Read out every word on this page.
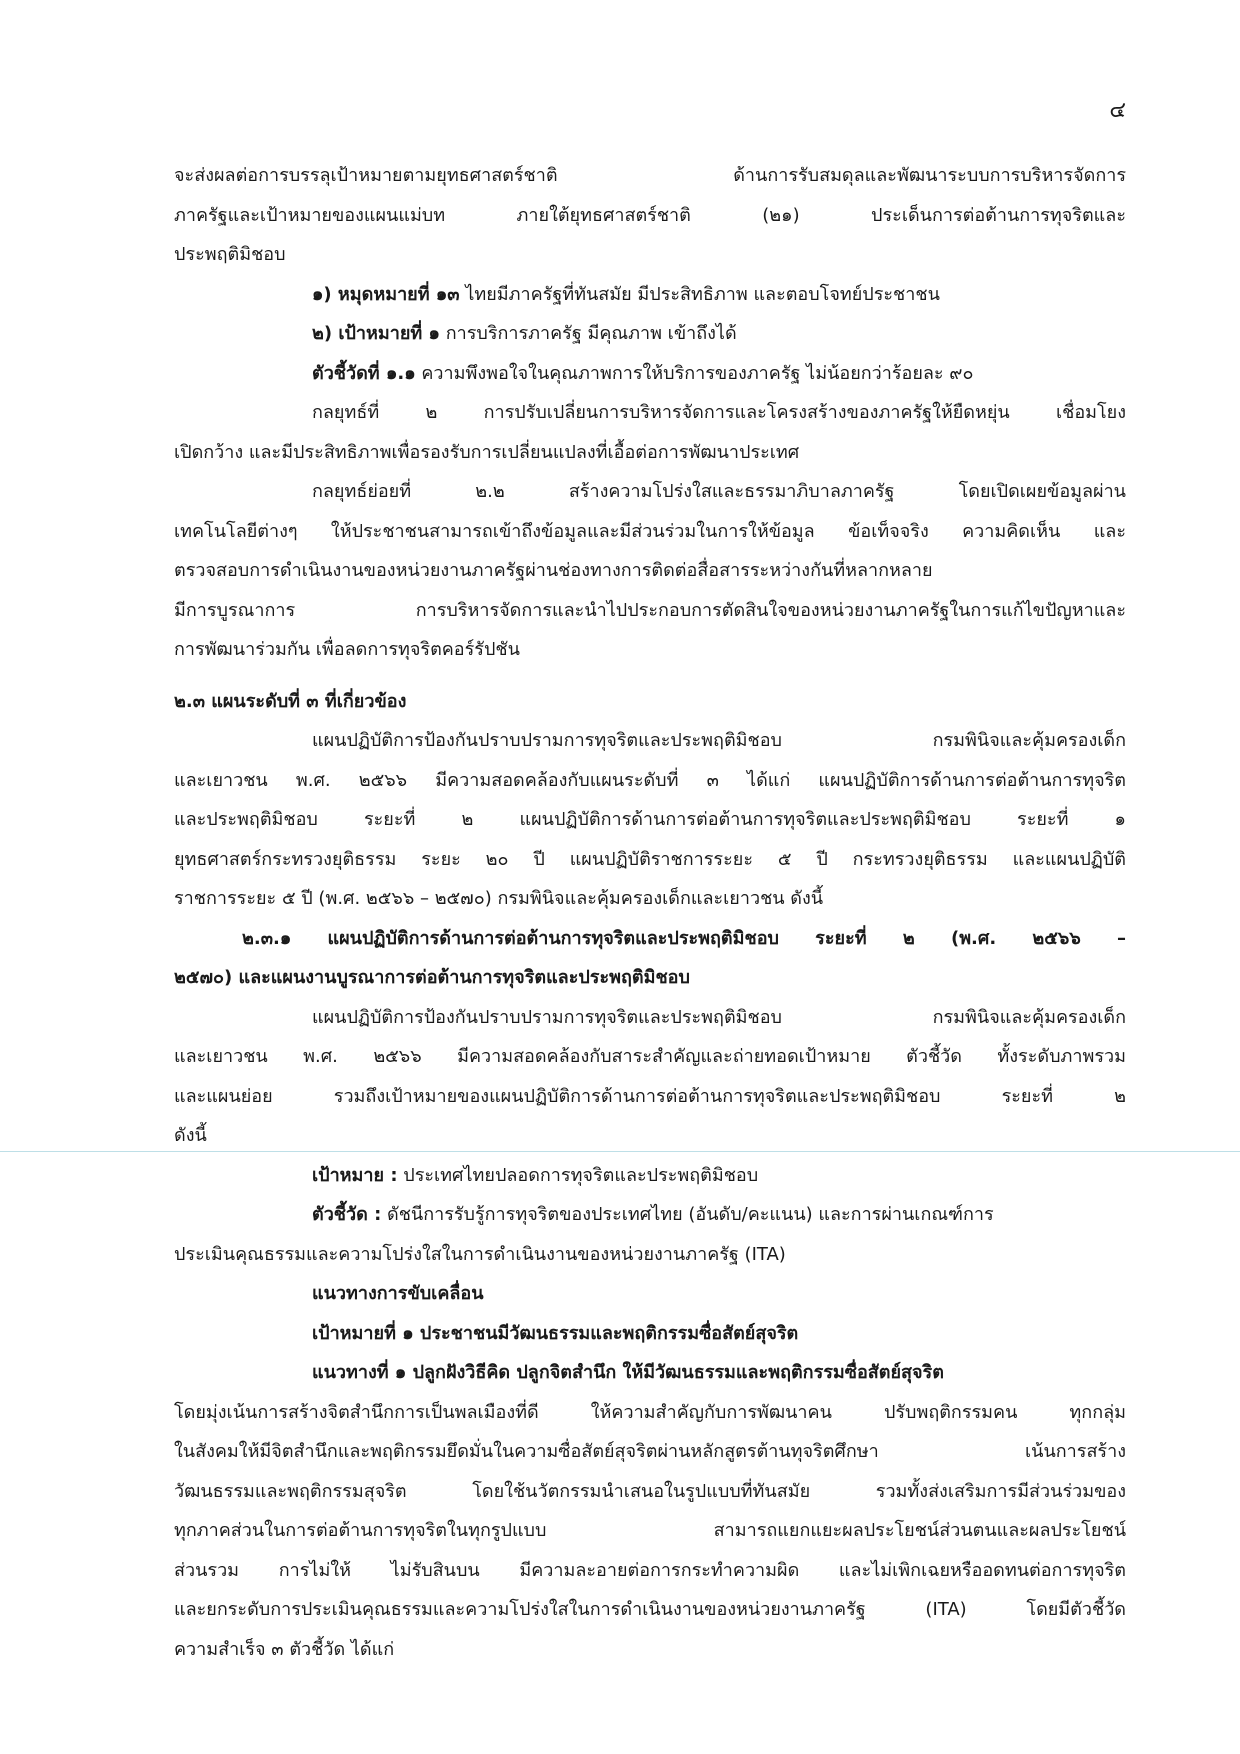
๔
จะส่งผลต่อการบรรลุเป้าหมายตามยุทธศาสตร์ชาติ ด้านการรับสมดุลและพัฒนาระบบการบริหารจัดการ
ภาครัฐและเป้าหมายของแผนแม่บท ภายใต้ยุทธศาสตร์ชาติ (๒๑) ประเด็นการต่อต้านการทุจริตและ
ประพฤติมิชอบ
๑) หมุดหมายที่ ๑๓ ไทยมีภาครัฐที่ทันสมัย มีประสิทธิภาพ และตอบโจทย์ประชาชน
๒) เป้าหมายที่ ๑ การบริการภาครัฐ มีคุณภาพ เข้าถึงได้
ตัวชี้วัดที่ ๑.๑ ความพึงพอใจในคุณภาพการให้บริการของภาครัฐ ไม่น้อยกว่าร้อยละ ๙๐
กลยุทธ์ที่ ๒ การปรับเปลี่ยนการบริหารจัดการและโครงสร้างของภาครัฐให้ยืดหยุ่น เชื่อมโยง
เปิดกว้าง และมีประสิทธิภาพเพื่อรองรับการเปลี่ยนแปลงที่เอื้อต่อการพัฒนาประเทศ
กลยุทธ์ย่อยที่ ๒.๒ สร้างความโปร่งใสและธรรมาภิบาลภาครัฐ โดยเปิดเผยข้อมูลผ่าน
เทคโนโลยีต่างๆ ให้ประชาชนสามารถเข้าถึงข้อมูลและมีส่วนร่วมในการให้ข้อมูล ข้อเท็จจริง ความคิดเห็น และ
ตรวจสอบการดำเนินงานของหน่วยงานภาครัฐผ่านช่องทางการติดต่อสื่อสารระหว่างกันที่หลากหลาย
มีการบูรณาการ การบริหารจัดการและนำไปประกอบการตัดสินใจของหน่วยงานภาครัฐในการแก้ไขปัญหาและ
การพัฒนาร่วมกัน เพื่อลดการทุจริตคอร์รัปชัน
๒.๓ แผนระดับที่ ๓ ที่เกี่ยวข้อง
แผนปฏิบัติการป้องกันปราบปรามการทุจริตและประพฤติมิชอบ กรมพินิจและคุ้มครองเด็ก
และเยาวชน พ.ศ. ๒๕๖๖ มีความสอดคล้องกับแผนระดับที่ ๓ ได้แก่ แผนปฏิบัติการด้านการต่อต้านการทุจริต
และประพฤติมิชอบ ระยะที่ ๒ แผนปฏิบัติการด้านการต่อต้านการทุจริตและประพฤติมิชอบ ระยะที่ ๑
ยุทธศาสตร์กระทรวงยุติธรรม ระยะ ๒๐ ปี แผนปฏิบัติราชการระยะ ๕ ปี กระทรวงยุติธรรม และแผนปฏิบัติ
ราชการระยะ ๕ ปี (พ.ศ. ๒๕๖๖ – ๒๕๗๐) กรมพินิจและคุ้มครองเด็กและเยาวชน ดังนี้
๒.๓.๑ แผนปฏิบัติการด้านการต่อต้านการทุจริตและประพฤติมิชอบ ระยะที่ ๒ (พ.ศ. ๒๕๖๖ –
๒๕๗๐) และแผนงานบูรณาการต่อต้านการทุจริตและประพฤติมิชอบ
แผนปฏิบัติการป้องกันปราบปรามการทุจริตและประพฤติมิชอบ กรมพินิจและคุ้มครองเด็ก
และเยาวชน พ.ศ. ๒๕๖๖ มีความสอดคล้องกับสาระสำคัญและถ่ายทอดเป้าหมาย ตัวชี้วัด ทั้งระดับภาพรวม
และแผนย่อย รวมถึงเป้าหมายของแผนปฏิบัติการด้านการต่อต้านการทุจริตและประพฤติมิชอบ ระยะที่ ๒
ดังนี้
เป้าหมาย : ประเทศไทยปลอดการทุจริตและประพฤติมิชอบ
ตัวชี้วัด : ดัชนีการรับรู้การทุจริตของประเทศไทย (อันดับ/คะแนน) และการผ่านเกณฑ์การ
ประเมินคุณธรรมและความโปร่งใสในการดำเนินงานของหน่วยงานภาครัฐ (ITA)
แนวทางการขับเคลื่อน
เป้าหมายที่ ๑ ประชาชนมีวัฒนธรรมและพฤติกรรมซื่อสัตย์สุจริต
แนวทางที่ ๑ ปลูกฝังวิธีคิด ปลูกจิตสำนึก ให้มีวัฒนธรรมและพฤติกรรมซื่อสัตย์สุจริต
โดยมุ่งเน้นการสร้างจิตสำนึกการเป็นพลเมืองที่ดี ให้ความสำคัญกับการพัฒนาคน ปรับพฤติกรรมคน ทุกกลุ่ม
ในสังคมให้มีจิตสำนึกและพฤติกรรมยึดมั่นในความซื่อสัตย์สุจริตผ่านหลักสูตรต้านทุจริตศึกษา เน้นการสร้าง
วัฒนธรรมและพฤติกรรมสุจริต โดยใช้นวัตกรรมนำเสนอในรูปแบบที่ทันสมัย รวมทั้งส่งเสริมการมีส่วนร่วมของ
ทุกภาคส่วนในการต่อต้านการทุจริตในทุกรูปแบบ สามารถแยกแยะผลประโยชน์ส่วนตนและผลประโยชน์
ส่วนรวม การไม่ให้ ไม่รับสินบน มีความละอายต่อการกระทำความผิด และไม่เพิกเฉยหรืออดทนต่อการทุจริต
และยกระดับการประเมินคุณธรรมและความโปร่งใสในการดำเนินงานของหน่วยงานภาครัฐ (ITA) โดยมีตัวชี้วัด
ความสำเร็จ ๓ ตัวชี้วัด ได้แก่
